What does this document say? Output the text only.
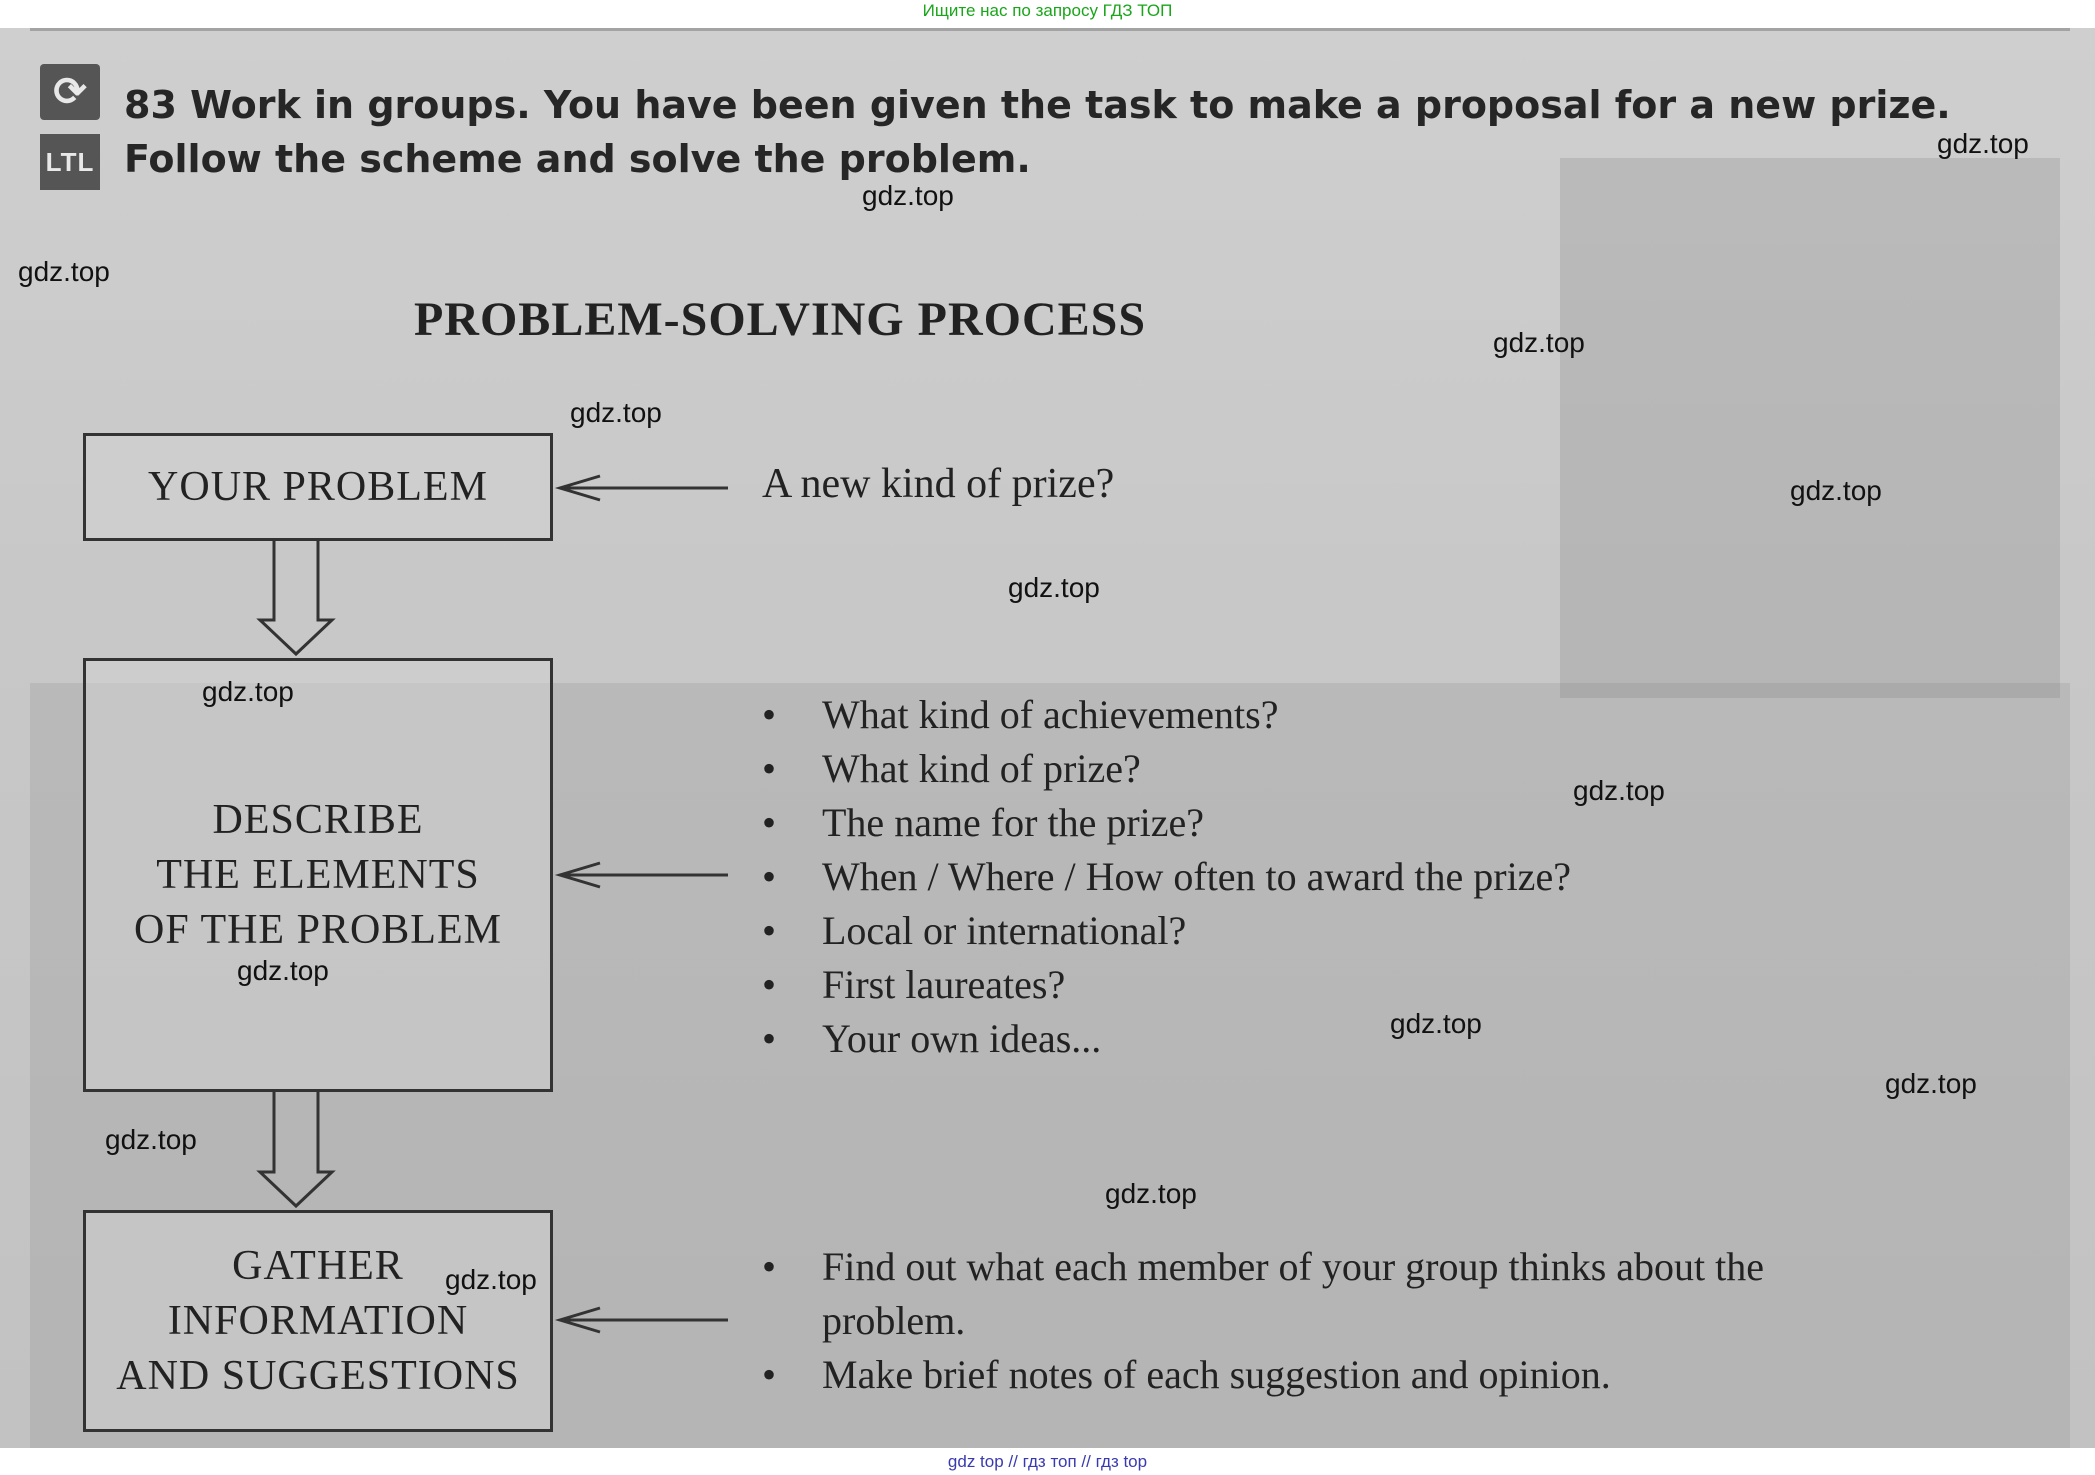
Ищите нас по запросу ГДЗ ТОП
⟳
LTL
83 Work in groups. You have been given the task to make a proposal for a new prize. Follow the scheme and solve the problem.
PROBLEM-SOLVING PROCESS
YOUR PROBLEM	A new kind of prize?

DESCRIBE
THE ELEMENTS
OF THE PROBLEM
• What kind of achievements?
• What kind of prize?
• The name for the prize?
• When / Where / How often to award the prize?
• Local or international?
• First laureates?
• Your own ideas...
GATHER
INFORMATION
AND SUGGESTIONS
• Find out what each member of your group thinks about the problem.
• Make brief notes of each suggestion and opinion.
gdz.top
gdz.top
gdz.top
gdz.top
gdz.top
gdz.top
gdz.top
gdz.top
gdz.top
gdz.top
gdz.top
gdz.top
gdz.top
gdz.top
gdz.top
gdz top // гдз топ // гдз top
